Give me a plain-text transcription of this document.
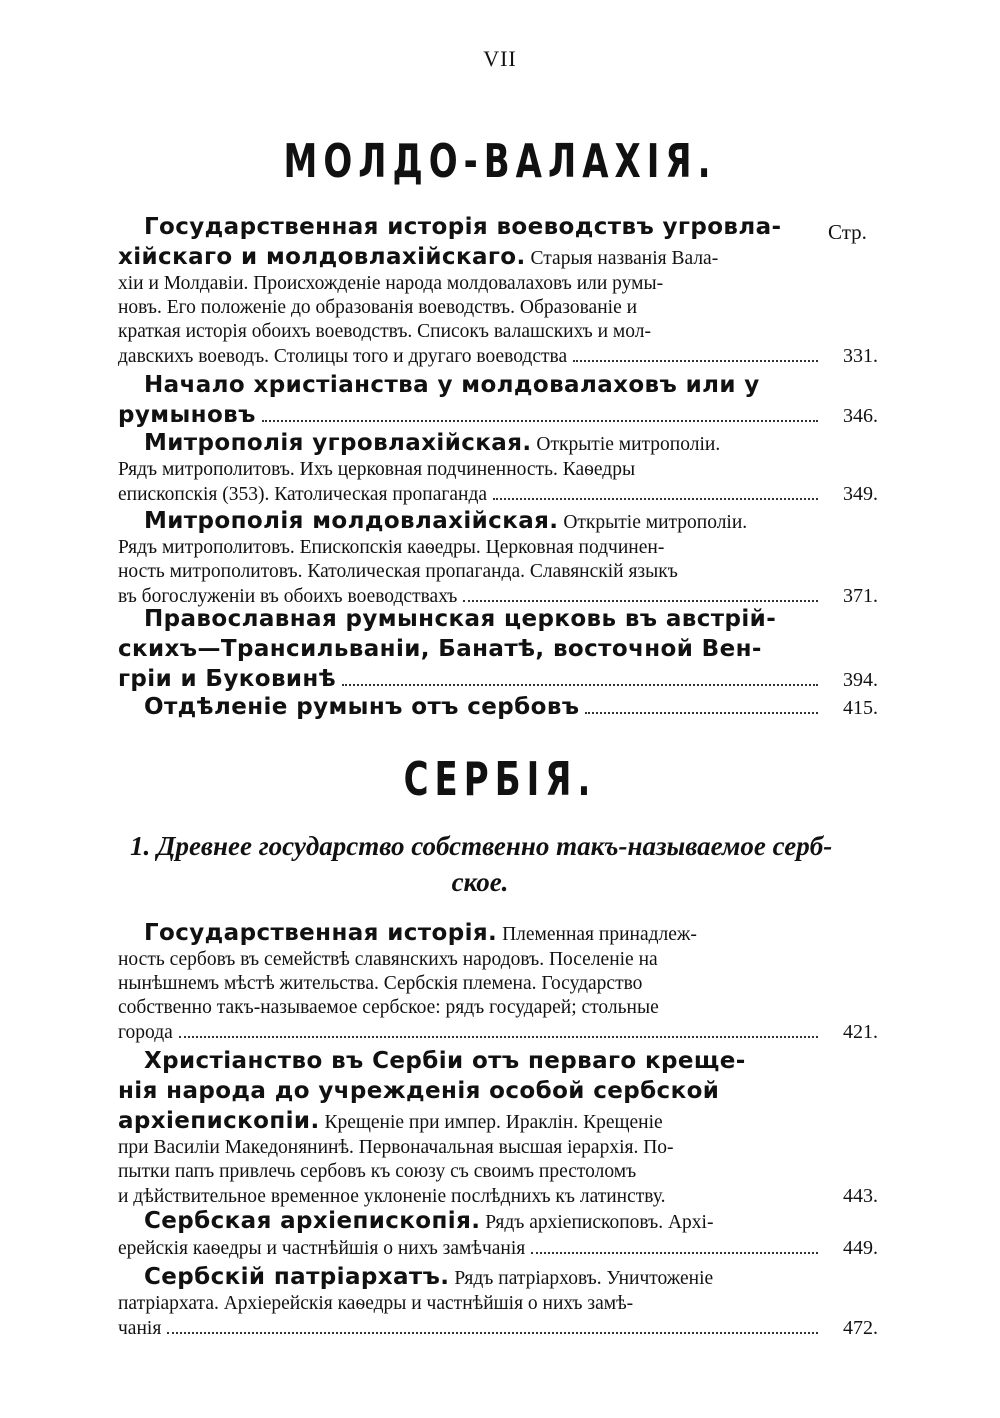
VII
МОЛДО-ВАЛАХІЯ.
Стр.
Государственная исторія воеводствъ угровла-
хійскаго и молдовлахійскаго. Старыя названія Вала-
хіи и Молдавіи. Происхожденіе народа молдовалаховъ или румы-
новъ. Его положеніе до образованія воеводствъ. Образованіе и
краткая исторія обоихъ воеводствъ. Списокъ валашскихъ и мол-
давскихъ воеводъ. Столицы того и другаго воеводства	331.
Начало христіанства у молдовалаховъ или у
румыновъ	346.
Митрополія угровлахійская. Открытіе митрополіи.
Рядъ митрополитовъ. Ихъ церковная подчиненность. Каѳедры
епископскія (353). Католическая пропаганда	349.
Митрополія молдовлахійская. Открытіе митрополіи.
Рядъ митрополитовъ. Епископскія каѳедры. Церковная подчинен-
ность митрополитовъ. Католическая пропаганда. Славянскій языкъ
въ богослуженіи въ обоихъ воеводствахъ	371.
Православная румынская церковь въ австрій-
скихъ—Трансильваніи, Банатѣ, восточной Вен-
гріи и Буковинѣ	394.
Отдѣленіе румынъ отъ сербовъ	415.
СЕРБІЯ.
1. Древнее государство собственно такъ-называемое серб-
ское.
Государственная исторія. Племенная принадлеж-
ность сербовъ въ семействѣ славянскихъ народовъ. Поселеніе на
нынѣшнемъ мѣстѣ жительства. Сербскія племена. Государство
собственно такъ-называемое сербское: рядъ государей; стольные
города	421.
Христіанство въ Сербіи отъ перваго креще-
нія народа до учрежденія особой сербской
архіепископіи. Крещеніе при импер. Ираклін. Крещеніе
при Василіи Македонянинѣ. Первоначальная высшая іерархія. По-
пытки папъ привлечь сербовъ къ союзу съ своимъ престоломъ
и дѣйствительное временное уклоненіе послѣднихъ къ латинству.	443.
Сербская архіепископія. Рядъ архіепископовъ. Архі-
ерейскія каѳедры и частнѣйшія о нихъ замѣчанія	449.
Сербскій патріархатъ. Рядъ патріарховъ. Уничтоженіе
патріархата. Архіерейскія каѳедры и частнѣйшія о нихъ замѣ-
чанія	472.
